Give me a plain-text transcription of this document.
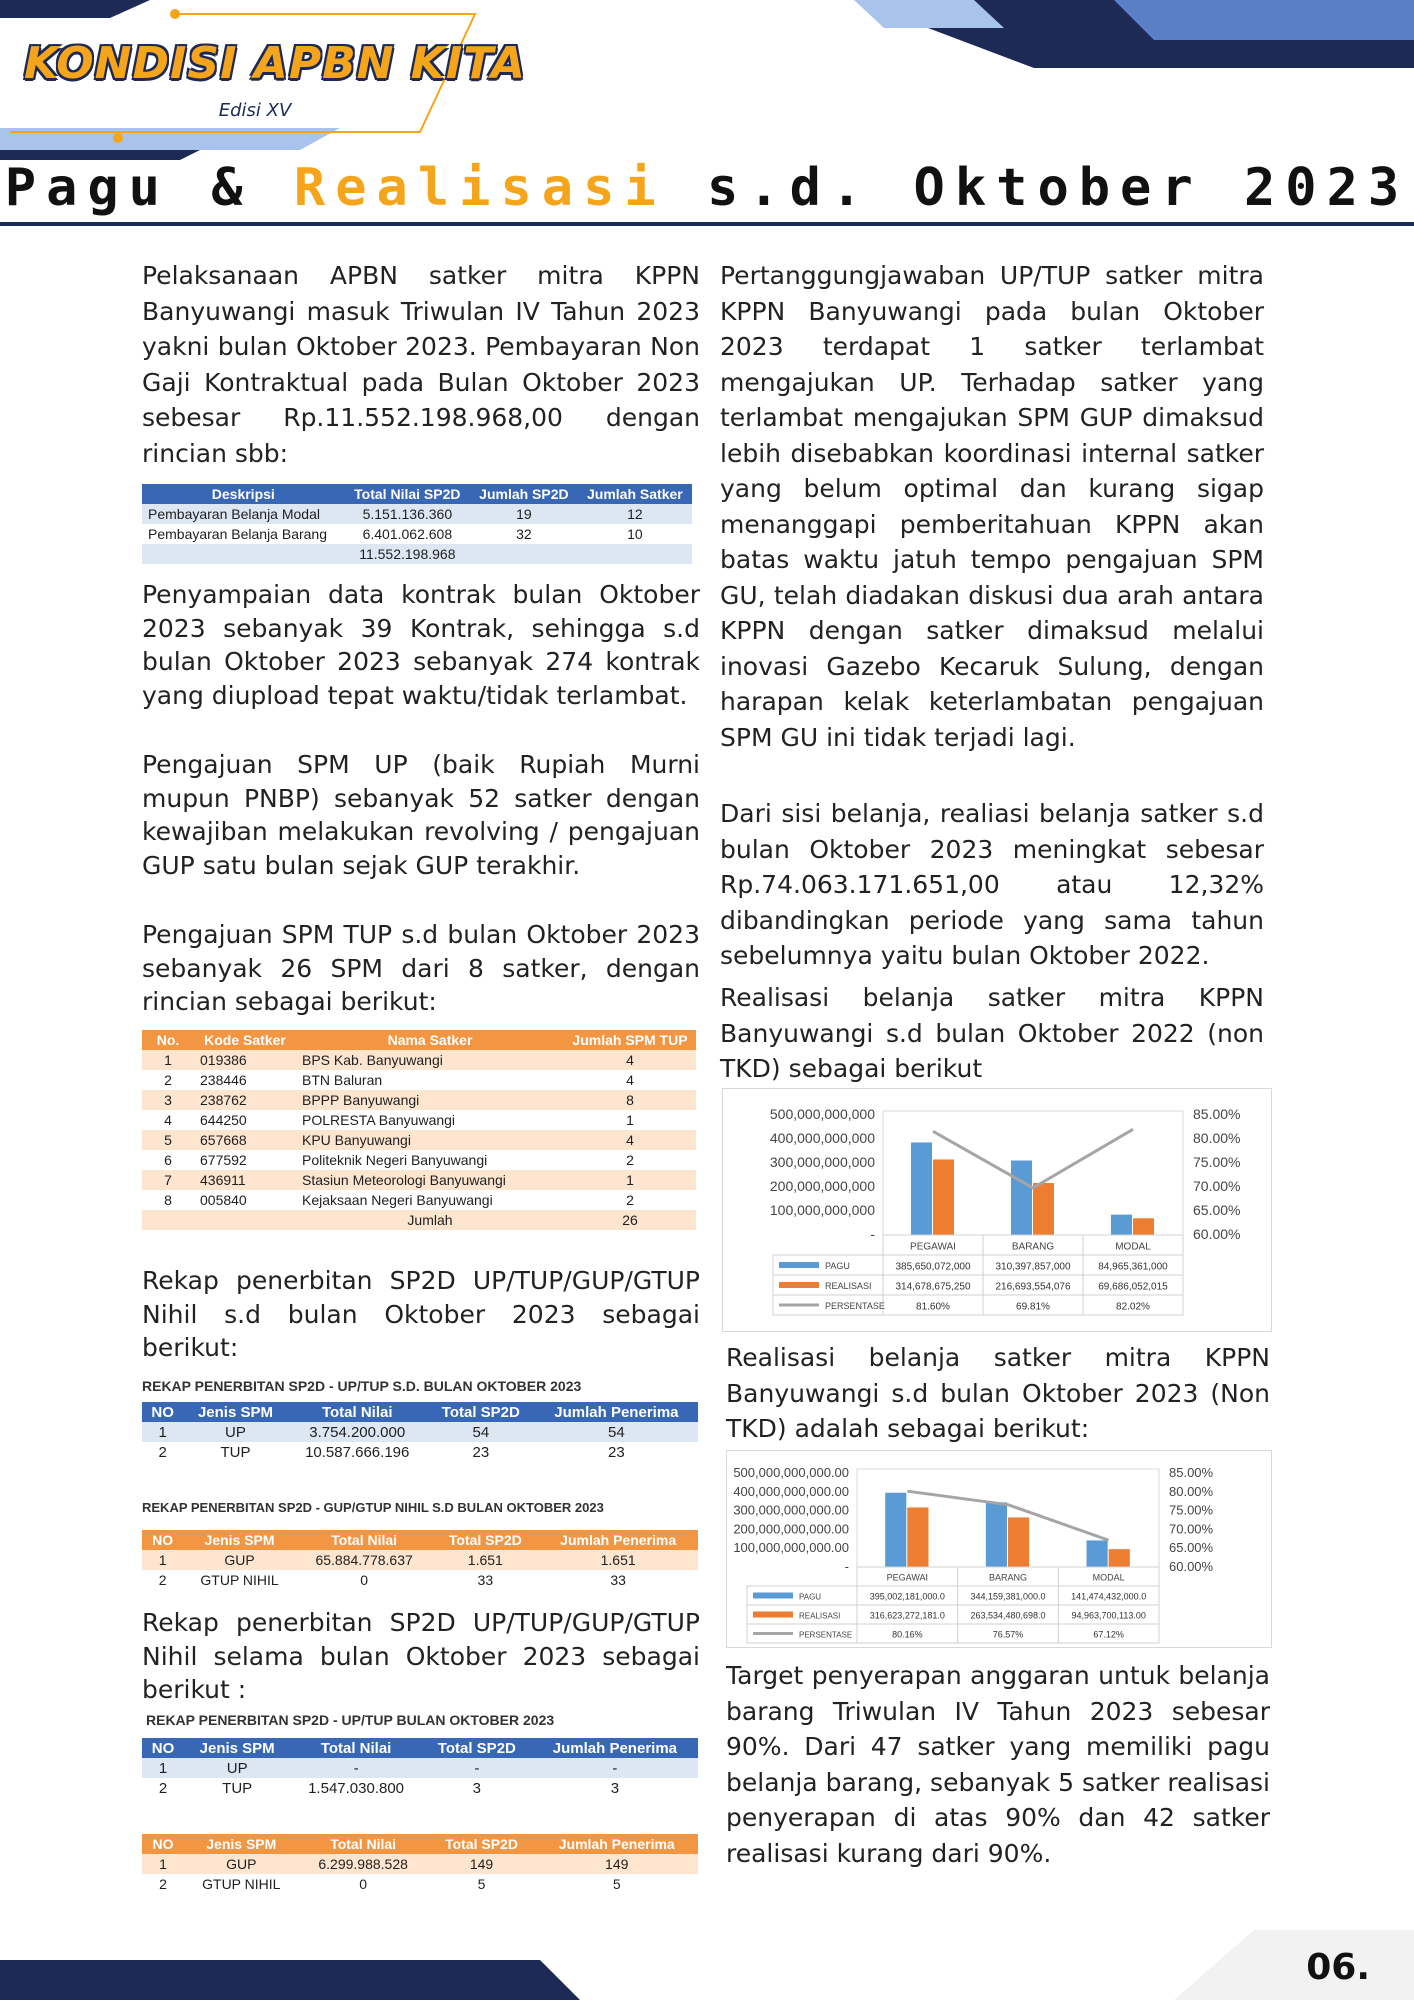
KONDISI APBN KITA
Buletin IsunWangi Edisi XV
Pagu & Realisasi s.d. Oktober 2023
Pelaksanaan APBN satker mitra KPPN Banyuwangi masuk Triwulan IV Tahun 2023 yakni bulan Oktober 2023. Pembayaran Non Gaji Kontraktual pada Bulan Oktober 2023 sebesar Rp.11.552.198.968,00 dengan rincian sbb:
Deskripsi	Total Nilai SP2D	Jumlah SP2D	Jumlah Satker
Pembayaran Belanja Modal	5.151.136.360	19	12
Pembayaran Belanja Barang	6.401.062.608	32	10
	11.552.198.968		
Penyampaian data kontrak bulan Oktober 2023 sebanyak 39 Kontrak, sehingga s.d bulan Oktober 2023 sebanyak 274 kontrak yang diupload tepat waktu/tidak terlambat.
Pengajuan SPM UP (baik Rupiah Murni mupun PNBP) sebanyak 52 satker dengan kewajiban melakukan revolving / pengajuan GUP satu bulan sejak GUP terakhir.
Pengajuan SPM TUP s.d bulan Oktober 2023 sebanyak 26 SPM dari 8 satker, dengan rincian sebagai berikut:
No.	Kode Satker	Nama Satker	Jumlah SPM TUP
1	019386	BPS Kab. Banyuwangi	4
2	238446	BTN Baluran	4
3	238762	BPPP Banyuwangi	8
4	644250	POLRESTA Banyuwangi	1
5	657668	KPU Banyuwangi	4
6	677592	Politeknik Negeri Banyuwangi	2
7	436911	Stasiun Meteorologi Banyuwangi	1
8	005840	Kejaksaan Negeri Banyuwangi	2
		Jumlah	26
Rekap penerbitan SP2D UP/TUP/GUP/GTUP Nihil s.d bulan Oktober 2023 sebagai berikut:
REKAP PENERBITAN SP2D - UP/TUP S.D. BULAN OKTOBER 2023
NO	Jenis SPM	Total Nilai	Total SP2D	Jumlah Penerima
1	UP	3.754.200.000	54	54
2	TUP	10.587.666.196	23	23
REKAP PENERBITAN SP2D - GUP/GTUP NIHIL S.D BULAN OKTOBER 2023
NO	Jenis SPM	Total Nilai	Total SP2D	Jumlah Penerima
1	GUP	65.884.778.637	1.651	1.651
2	GTUP NIHIL	0	33	33
Rekap penerbitan SP2D UP/TUP/GUP/GTUP Nihil selama bulan Oktober 2023 sebagai berikut :
REKAP PENERBITAN SP2D - UP/TUP BULAN OKTOBER 2023
NO	Jenis SPM	Total Nilai	Total SP2D	Jumlah Penerima
1	UP	-	-	-
2	TUP	1.547.030.800	3	3
NO	Jenis SPM	Total Nilai	Total SP2D	Jumlah Penerima
1	GUP	6.299.988.528	149	149
2	GTUP NIHIL	0	5	5
Pertanggungjawaban UP/TUP satker mitra KPPN Banyuwangi pada bulan Oktober 2023 terdapat 1 satker terlambat mengajukan UP. Terhadap satker yang terlambat mengajukan SPM GUP dimaksud lebih disebabkan koordinasi internal satker yang belum optimal dan kurang sigap menanggapi pemberitahuan KPPN akan batas waktu jatuh tempo pengajuan SPM GU, telah diadakan diskusi dua arah antara KPPN dengan satker dimaksud melalui inovasi Gazebo Kecaruk Sulung, dengan harapan kelak keterlambatan pengajuan SPM GU ini tidak terjadi lagi.
Dari sisi belanja, realiasi belanja satker s.d bulan Oktober 2023 meningkat sebesar Rp.74.063.171.651,00 atau 12,32% dibandingkan periode yang sama tahun sebelumnya yaitu bulan Oktober 2022.
Realisasi belanja satker mitra KPPN Banyuwangi s.d bulan Oktober 2022 (non TKD) sebagai berikut
500,000,000,000
400,000,000,000
300,000,000,000
200,000,000,000
100,000,000,000
-
85.00%
80.00%
75.00%
70.00%
65.00%
60.00%
PEGAWAI	BARANG	MODAL
PAGU	385,650,072,000 310,397,857,000	84,965,361,000
REALISASI 314,678,675,250 216,693,554,076	69,686,052,015
PERSENTASE	81.60%	69.81%	82.02%
Realisasi belanja satker mitra KPPN Banyuwangi s.d bulan Oktober 2023 (Non TKD) adalah sebagai berikut:
500,000,000,000.00
400,000,000,000.00
300,000,000,000.00
200,000,000,000.00
100,000,000,000.00
-
85.00%
80.00%
75.00%
70.00%
65.00%
60.00%
PEGAWAI	BARANG	MODAL
PAGU	395,002,181,000.0	344,159,381,000.0	141,474,432,000.0
REALISASI	316,623,272,181.0	263,534,480,698.0	94,963,700,113.00
PERSENTASE	80.16%	76.57%	67.12%
Target penyerapan anggaran untuk belanja barang Triwulan IV Tahun 2023 sebesar 90%. Dari 47 satker yang memiliki pagu belanja barang, sebanyak 5 satker realisasi penyerapan di atas 90% dan 42 satker realisasi kurang dari 90%.
06.
